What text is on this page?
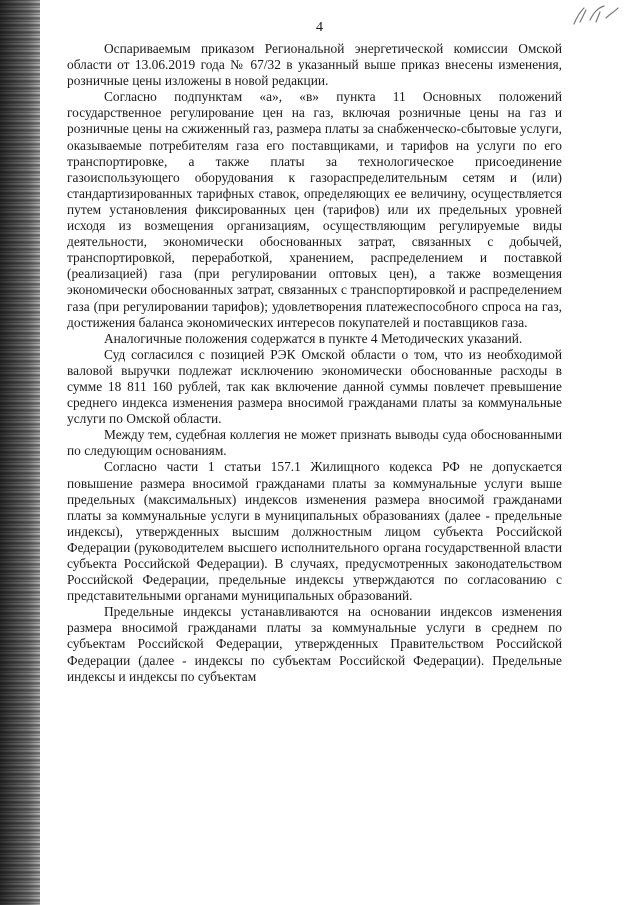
4

Оспариваемым приказом Региональной энергетической комиссии Омской области от 13.06.2019 года № 67/32 в указанный выше приказ внесены изменения, розничные цены изложены в новой редакции.

Согласно подпунктам «а», «в» пункта 11 Основных положений государственное регулирование цен на газ, включая розничные цены на газ и розничные цены на сжиженный газ, размера платы за снабженческо-сбытовые услуги, оказываемые потребителям газа его поставщиками, и тарифов на услуги по его транспортировке, а также платы за технологическое присоединение газоиспользующего оборудования к газораспределительным сетям и (или) стандартизированных тарифных ставок, определяющих ее величину, осуществляется путем установления фиксированных цен (тарифов) или их предельных уровней исходя из возмещения организациям, осуществляющим регулируемые виды деятельности, экономически обоснованных затрат, связанных с добычей, транспортировкой, переработкой, хранением, распределением и поставкой (реализацией) газа (при регулировании оптовых цен), а также возмещения экономически обоснованных затрат, связанных с транспортировкой и распределением газа (при регулировании тарифов); удовлетворения платежеспособного спроса на газ, достижения баланса экономических интересов покупателей и поставщиков газа.

Аналогичные положения содержатся в пункте 4 Методических указаний.

Суд согласился с позицией РЭК Омской области о том, что из необходимой валовой выручки подлежат исключению экономически обоснованные расходы в сумме 18 811 160 рублей, так как включение данной суммы повлечет превышение среднего индекса изменения размера вносимой гражданами платы за коммунальные услуги по Омской области.

Между тем, судебная коллегия не может признать выводы суда обоснованными по следующим основаниям.

Согласно части 1 статьи 157.1 Жилищного кодекса РФ не допускается повышение размера вносимой гражданами платы за коммунальные услуги выше предельных (максимальных) индексов изменения размера вносимой гражданами платы за коммунальные услуги в муниципальных образованиях (далее - предельные индексы), утвержденных высшим должностным лицом субъекта Российской Федерации (руководителем высшего исполнительного органа государственной власти субъекта Российской Федерации). В случаях, предусмотренных законодательством Российской Федерации, предельные индексы утверждаются по согласованию с представительными органами муниципальных образований.

Предельные индексы устанавливаются на основании индексов изменения размера вносимой гражданами платы за коммунальные услуги в среднем по субъектам Российской Федерации, утвержденных Правительством Российской Федерации (далее - индексы по субъектам Российской Федерации). Предельные индексы и индексы по субъектам
